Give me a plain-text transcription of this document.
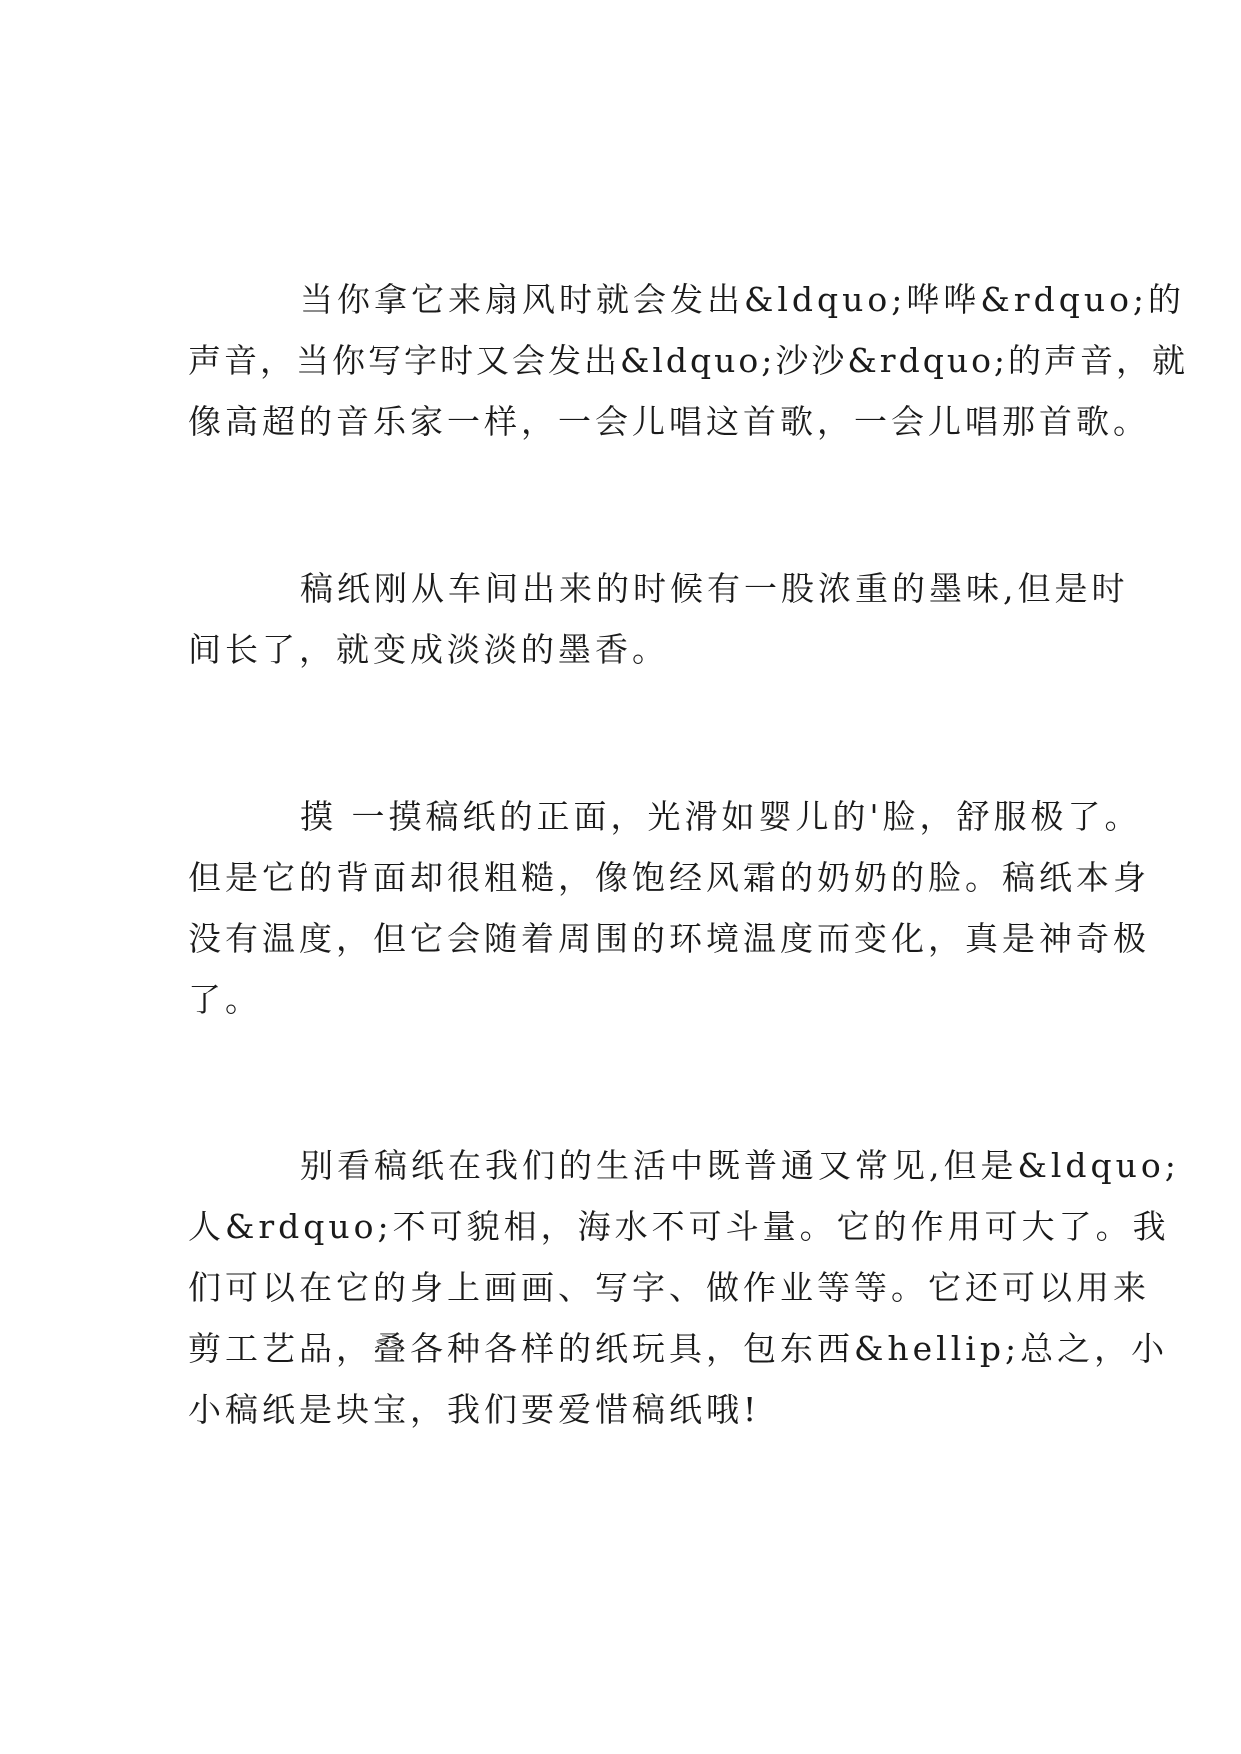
当你拿它来扇风时就会发出&ldquo;哗哗&rdquo;的
声音，当你写字时又会发出&ldquo;沙沙&rdquo;的声音，就
像高超的音乐家一样，一会儿唱这首歌，一会儿唱那首歌。
稿纸刚从车间出来的时候有一股浓重的墨味,但是时
间长了，就变成淡淡的墨香。
摸 一摸稿纸的正面，光滑如婴儿的'脸，舒服极了。
但是它的背面却很粗糙，像饱经风霜的奶奶的脸。稿纸本身
没有温度，但它会随着周围的环境温度而变化，真是神奇极
了。
别看稿纸在我们的生活中既普通又常见,但是&ldquo;
人&rdquo;不可貌相，海水不可斗量。它的作用可大了。我
们可以在它的身上画画、写字、做作业等等。它还可以用来
剪工艺品，叠各种各样的纸玩具，包东西&hellip;总之，小
小稿纸是块宝，我们要爱惜稿纸哦!
